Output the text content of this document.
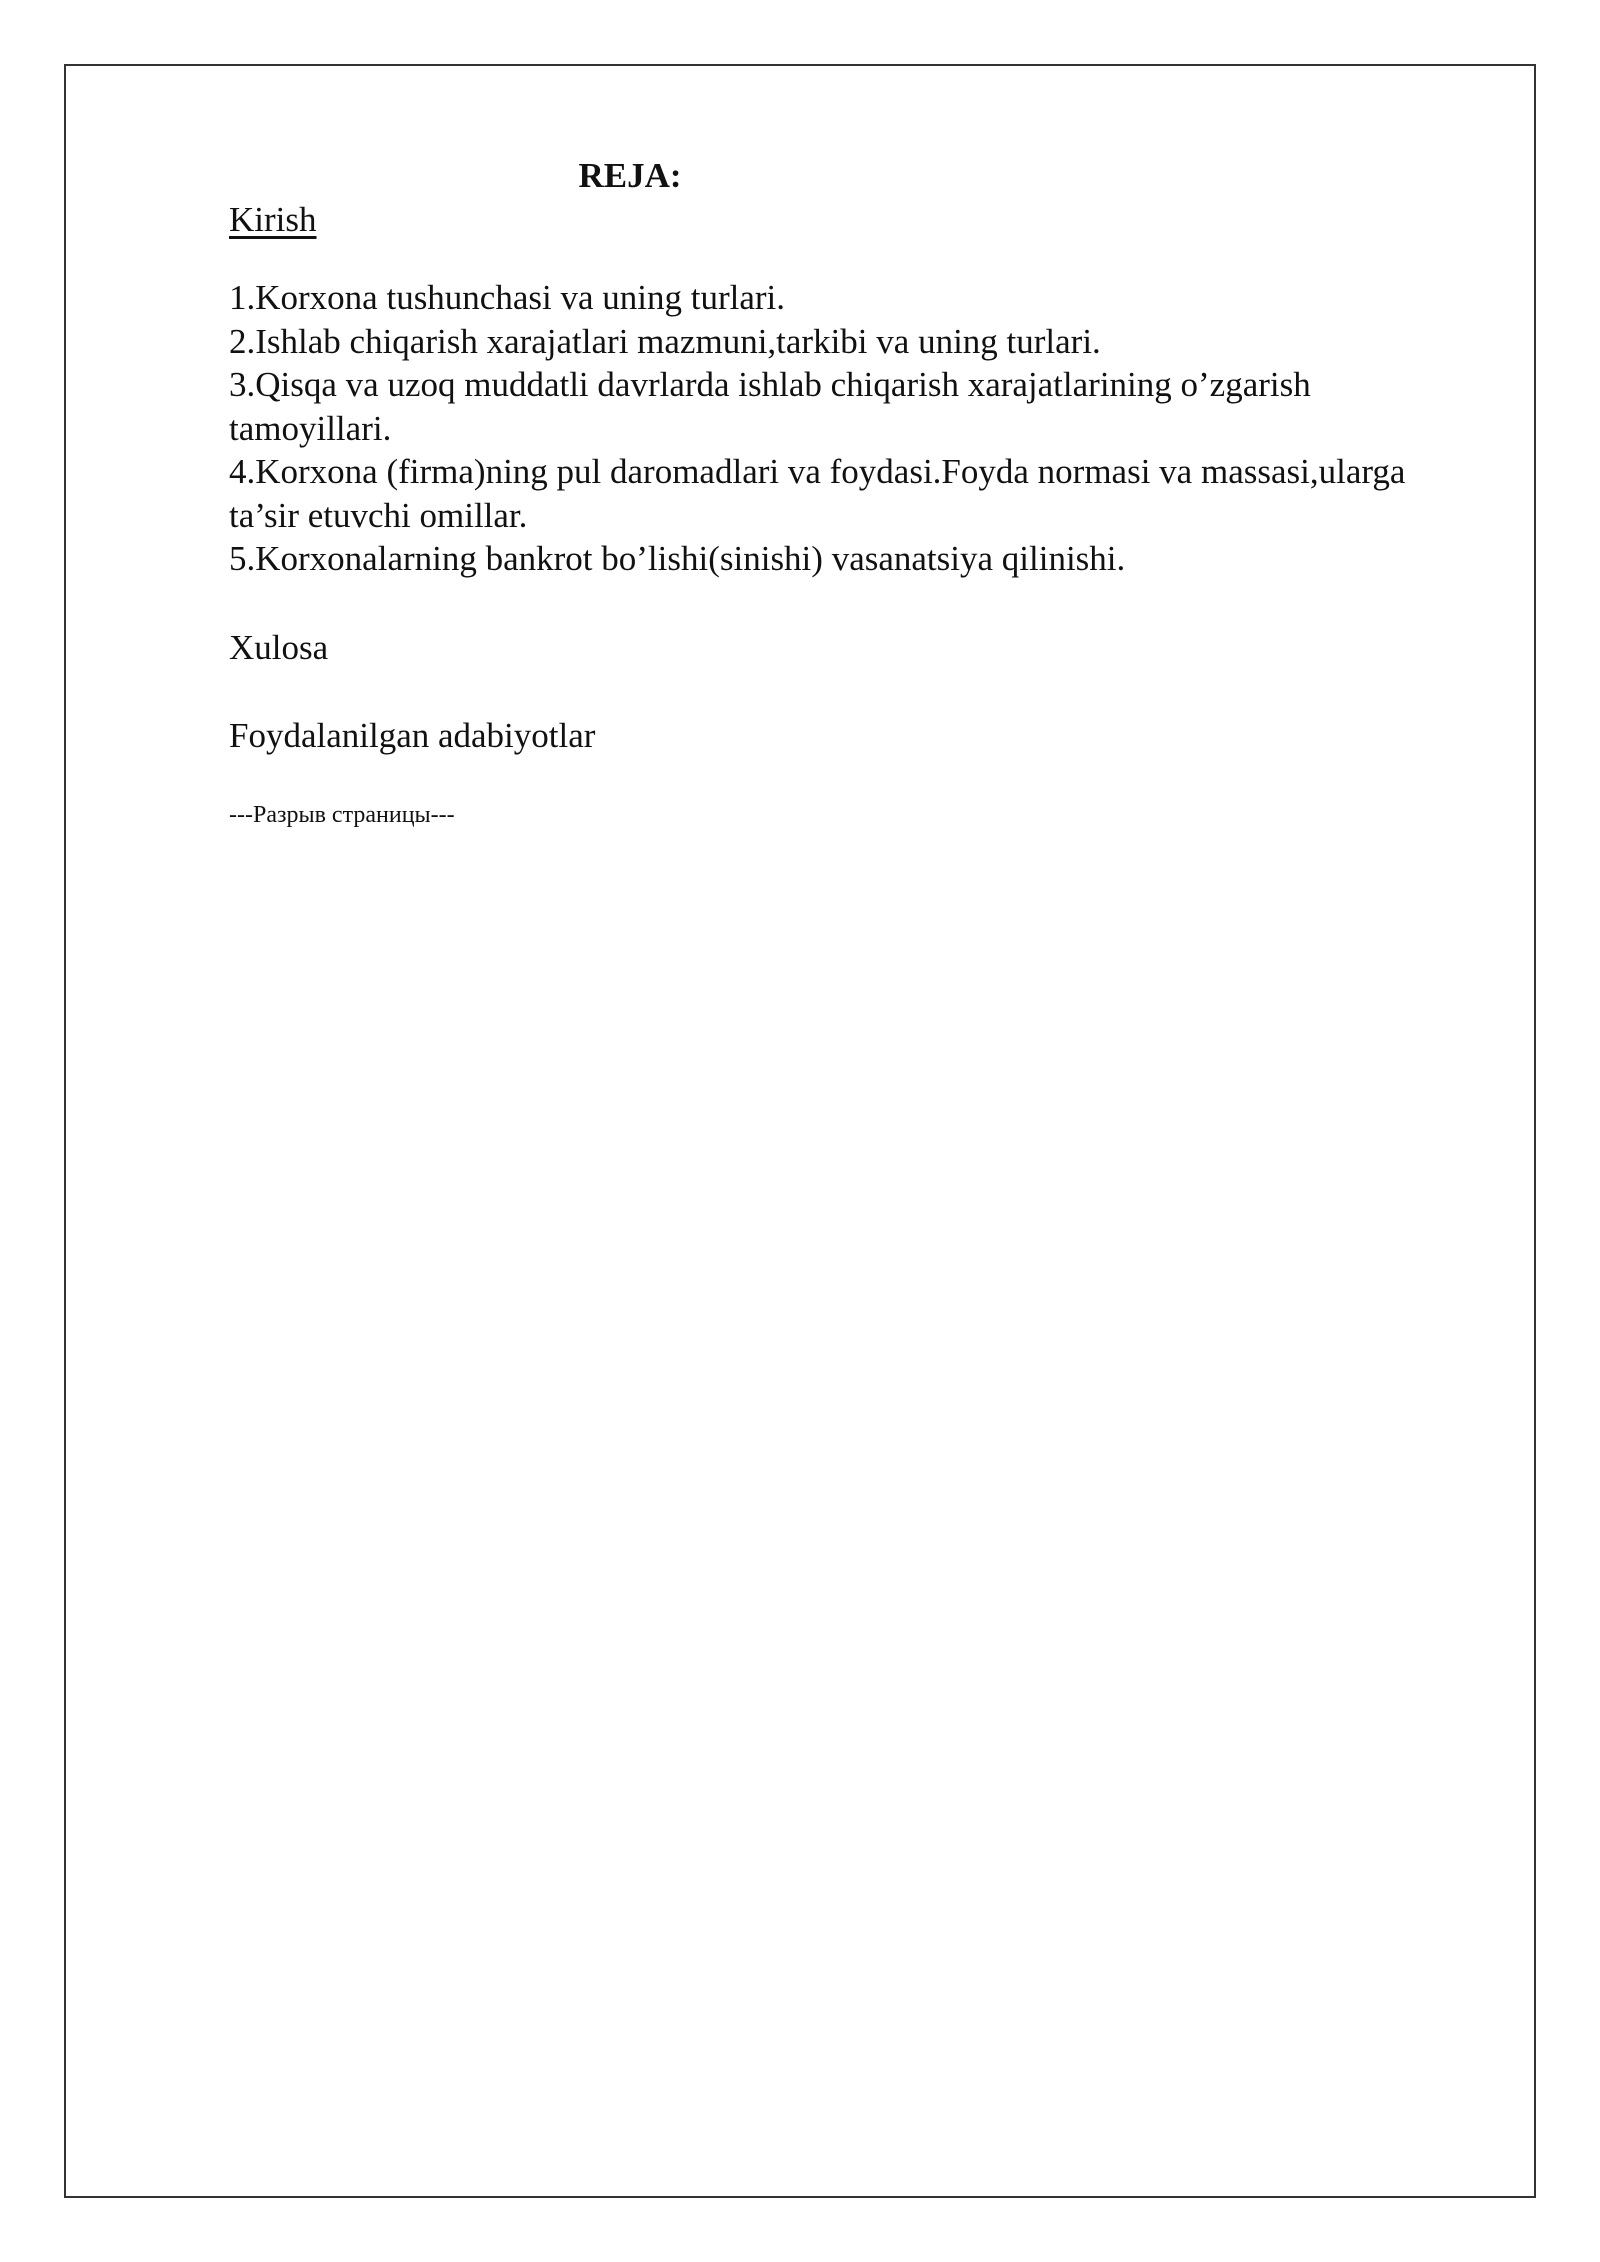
REJA:

Kirish

1.Korxona tushunchasi va uning turlari.
2.Ishlab chiqarish xarajatlari mazmuni,tarkibi va uning turlari.
3.Qisqa va uzoq muddatli davrlarda ishlab chiqarish xarajatlarining o’zgarish tamoyillari.
4.Korxona (firma)ning pul daromadlari va foydasi.Foyda normasi va massasi,ularga ta’sir etuvchi omillar.
5.Korxonalarning bankrot bo’lishi(sinishi) vasanatsiya qilinishi.

Xulosa

Foydalanilgan adabiyotlar

---Разрыв страницы---
